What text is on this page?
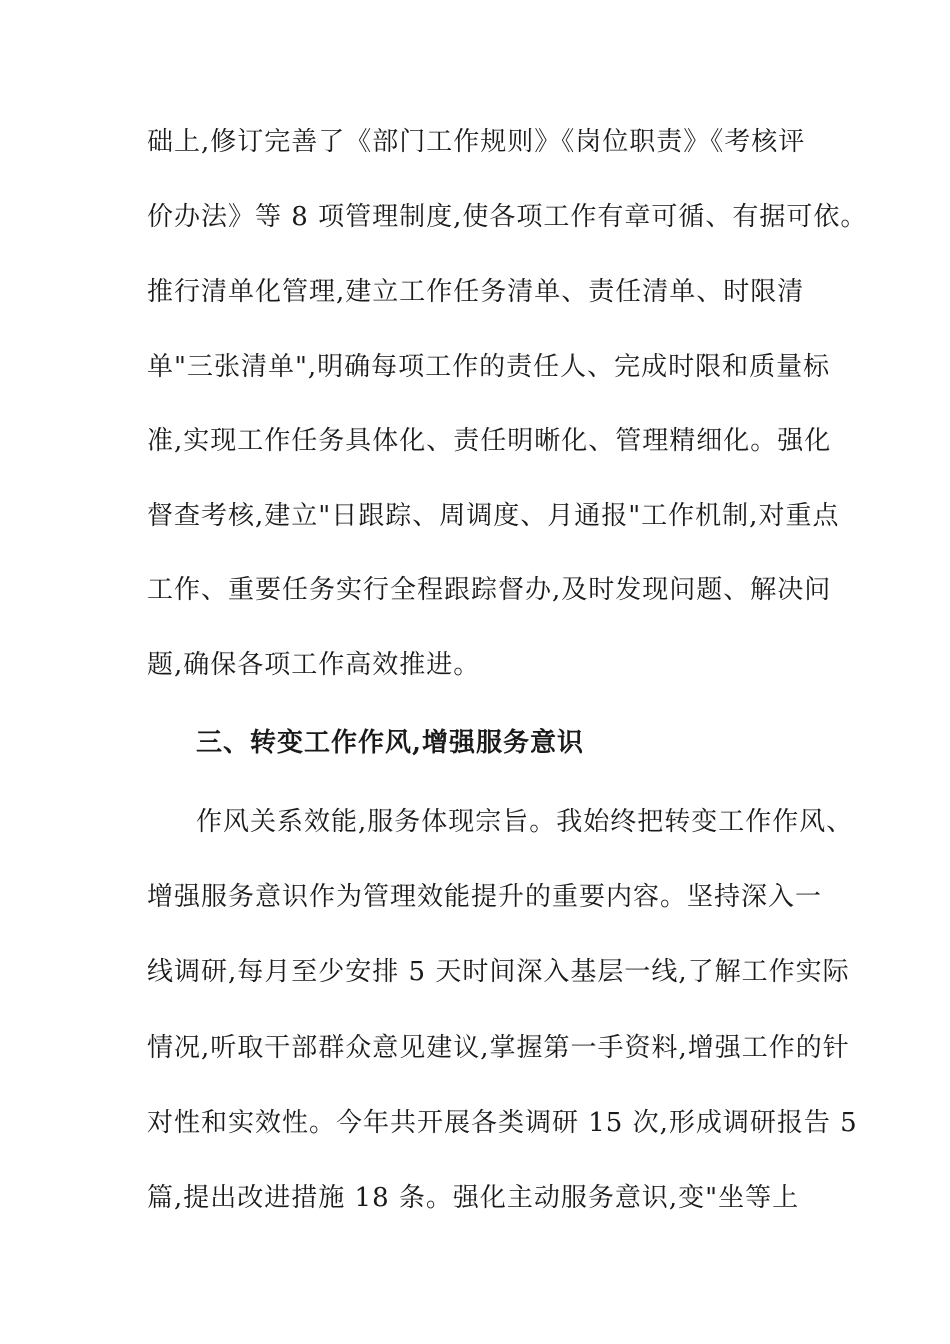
础上,修订完善了《部门工作规则》《岗位职责》《考核评
价办法》等 8 项管理制度,使各项工作有章可循、有据可依。
推行清单化管理,建立工作任务清单、责任清单、时限清
单"三张清单",明确每项工作的责任人、完成时限和质量标
准,实现工作任务具体化、责任明晰化、管理精细化。强化
督查考核,建立"日跟踪、周调度、月通报"工作机制,对重点
工作、重要任务实行全程跟踪督办,及时发现问题、解决问
题,确保各项工作高效推进。
三、转变工作作风,增强服务意识
作风关系效能,服务体现宗旨。我始终把转变工作作风、
增强服务意识作为管理效能提升的重要内容。坚持深入一
线调研,每月至少安排 5 天时间深入基层一线,了解工作实际
情况,听取干部群众意见建议,掌握第一手资料,增强工作的针
对性和实效性。今年共开展各类调研 15 次,形成调研报告 5
篇,提出改进措施 18 条。强化主动服务意识,变"坐等上
